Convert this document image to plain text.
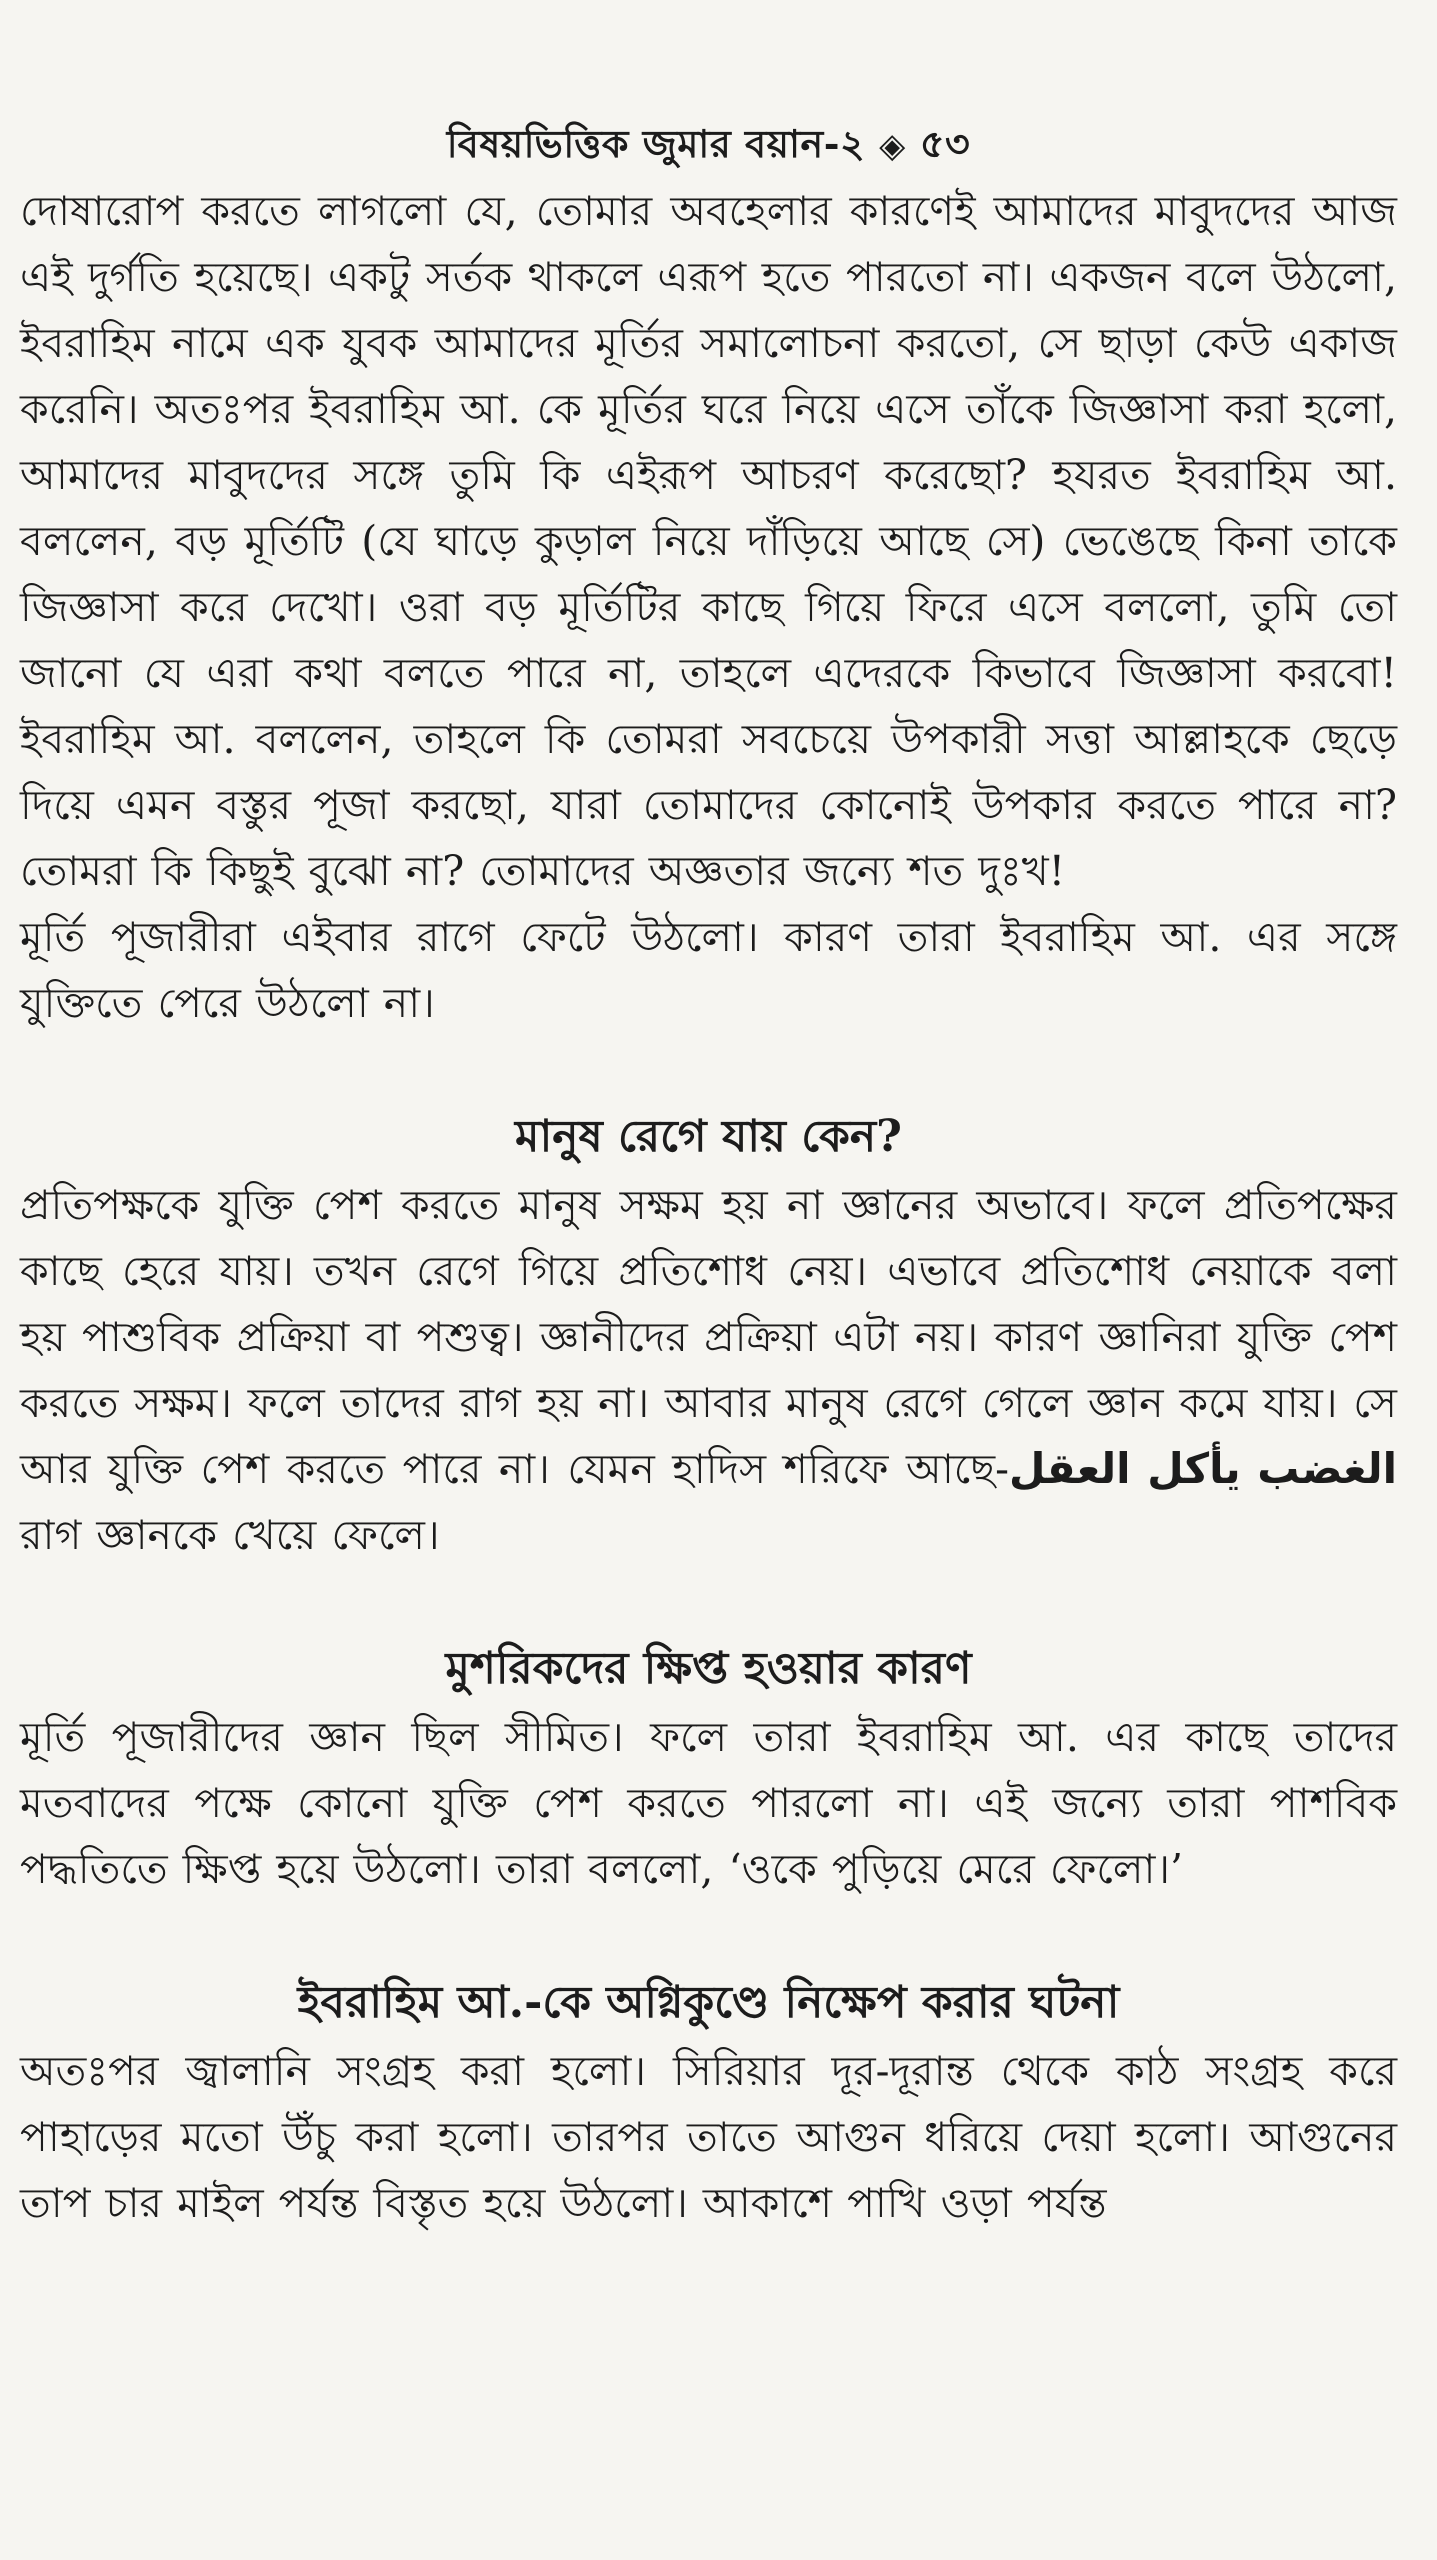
বিষয়ভিত্তিক জুমার বয়ান-২ ◈ ৫৩

দোষারোপ করতে লাগলো যে, তোমার অবহেলার কারণেই আমাদের মাবুদদের আজ এই দুর্গতি হয়েছে। একটু সর্তক থাকলে এরূপ হতে পারতো না। একজন বলে উঠলো, ইবরাহিম নামে এক যুবক আমাদের মূর্তির সমালোচনা করতো, সে ছাড়া কেউ একাজ করেনি। অতঃপর ইবরাহিম আ. কে মূর্তির ঘরে নিয়ে এসে তাঁকে জিজ্ঞাসা করা হলো, আমাদের মাবুদদের সঙ্গে তুমি কি এইরূপ আচরণ করেছো? হযরত ইবরাহিম আ. বললেন, বড় মূর্তিটি (যে ঘাড়ে কুড়াল নিয়ে দাঁড়িয়ে আছে সে) ভেঙেছে কিনা তাকে জিজ্ঞাসা করে দেখো। ওরা বড় মূর্তিটির কাছে গিয়ে ফিরে এসে বললো, তুমি তো জানো যে এরা কথা বলতে পারে না, তাহলে এদেরকে কিভাবে জিজ্ঞাসা করবো! ইবরাহিম আ. বললেন, তাহলে কি তোমরা সবচেয়ে উপকারী সত্তা আল্লাহকে ছেড়ে দিয়ে এমন বস্তুর পূজা করছো, যারা তোমাদের কোনোই উপকার করতে পারে না? তোমরা কি কিছুই বুঝো না? তোমাদের অজ্ঞতার জন্যে শত দুঃখ!

মূর্তি পূজারীরা এইবার রাগে ফেটে উঠলো। কারণ তারা ইবরাহিম আ. এর সঙ্গে যুক্তিতে পেরে উঠলো না।

মানুষ রেগে যায় কেন?

প্রতিপক্ষকে যুক্তি পেশ করতে মানুষ সক্ষম হয় না জ্ঞানের অভাবে। ফলে প্রতিপক্ষের কাছে হেরে যায়। তখন রেগে গিয়ে প্রতিশোধ নেয়। এভাবে প্রতিশোধ নেয়াকে বলা হয় পাশুবিক প্রক্রিয়া বা পশুত্ব। জ্ঞানীদের প্রক্রিয়া এটা নয়। কারণ জ্ঞানিরা যুক্তি পেশ করতে সক্ষম। ফলে তাদের রাগ হয় না। আবার মানুষ রেগে গেলে জ্ঞান কমে যায়। সে আর যুক্তি পেশ করতে পারে না। যেমন হাদিস শরিফে আছে-الغضب يأكل العقل রাগ জ্ঞানকে খেয়ে ফেলে।

মুশরিকদের ক্ষিপ্ত হওয়ার কারণ

মূর্তি পূজারীদের জ্ঞান ছিল সীমিত। ফলে তারা ইবরাহিম আ. এর কাছে তাদের মতবাদের পক্ষে কোনো যুক্তি পেশ করতে পারলো না। এই জন্যে তারা পাশবিক পদ্ধতিতে ক্ষিপ্ত হয়ে উঠলো। তারা বললো, ‘ওকে পুড়িয়ে মেরে ফেলো।’

ইবরাহিম আ.-কে অগ্নিকুণ্ডে নিক্ষেপ করার ঘটনা

অতঃপর জ্বালানি সংগ্রহ করা হলো। সিরিয়ার দূর-দূরান্ত থেকে কাঠ সংগ্রহ করে পাহাড়ের মতো উঁচু করা হলো। তারপর তাতে আগুন ধরিয়ে দেয়া হলো। আগুনের তাপ চার মাইল পর্যন্ত বিস্তৃত হয়ে উঠলো। আকাশে পাখি ওড়া পর্যন্ত
